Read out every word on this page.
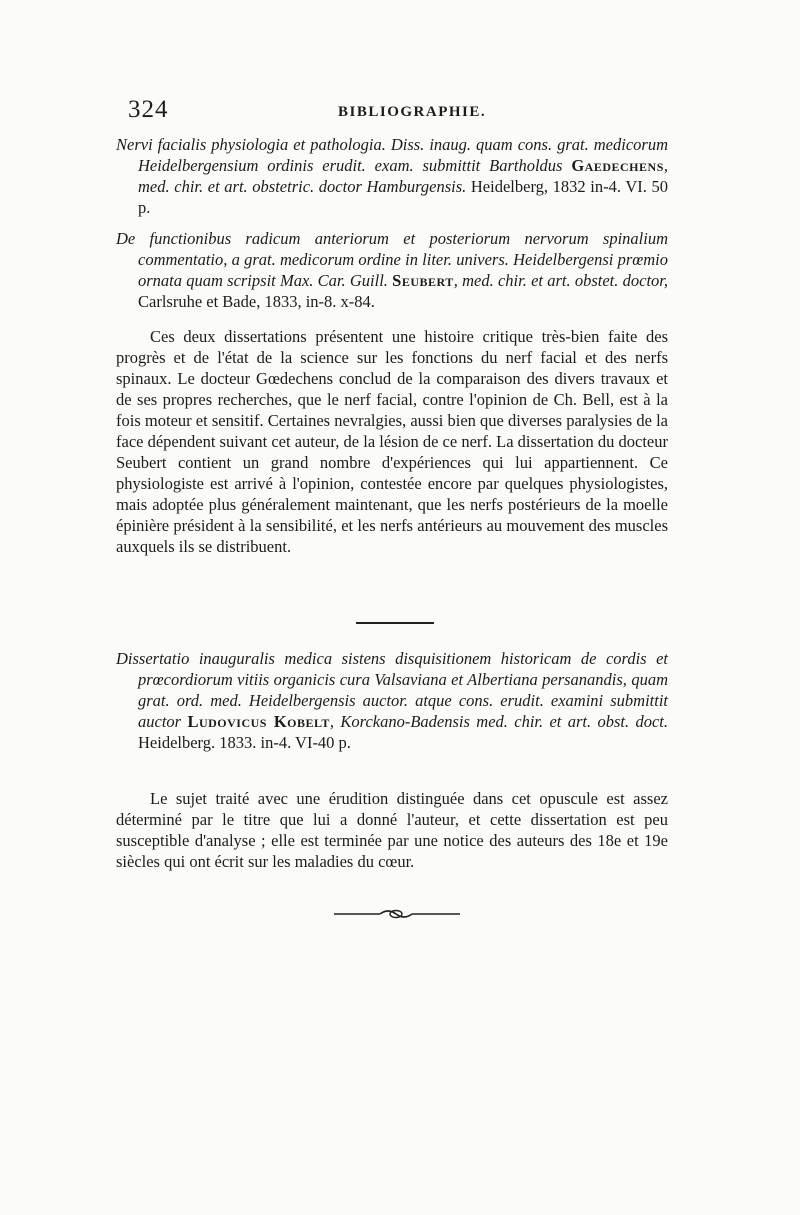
324	BIBLIOGRAPHIE.

Nervi facialis physiologia et pathologia. Diss. inaug. quam cons. grat. medicorum Heidelbergensium ordinis erudit. exam. submittit Bartholdus Gaedechens, med. chir. et art. obstetric. doctor Hamburgensis. Heidelberg, 1832 in-4. VI. 50 p.

De functionibus radicum anteriorum et posteriorum nervorum spinalium commentatio, a grat. medicorum ordine in liter. univers. Heidelbergensi prœmio ornata quam scripsit Max. Car. Guill. Seubert, med. chir. et art. obstet. doctor, Carlsruhe et Bade, 1833, in-8. x-84.

Ces deux dissertations présentent une histoire critique très-bien faite des progrès et de l'état de la science sur les fonctions du nerf facial et des nerfs spinaux. Le docteur Gœdechens conclud de la comparaison des divers travaux et de ses propres recherches, que le nerf facial, contre l'opinion de Ch. Bell, est à la fois moteur et sensitif. Certaines nevralgies, aussi bien que diverses paralysies de la face dépendent suivant cet auteur, de la lésion de ce nerf. La dissertation du docteur Seubert contient un grand nombre d'expériences qui lui appartiennent. Ce physiologiste est arrivé à l'opinion, contestée encore par quelques physiologistes, mais adoptée plus généralement maintenant, que les nerfs postérieurs de la moelle épinière président à la sensibilité, et les nerfs antérieurs au mouvement des muscles auxquels ils se distribuent.

Dissertatio inauguralis medica sistens disquisitionem historicam de cordis et prœcordiorum vitiis organicis cura Valsaviana et Albertiana persanandis, quam grat. ord. med. Heidelbergensis auctor. atque cons. erudit. examini submittit auctor Ludovicus Kobelt, Korckano-Badensis med. chir. et art. obst. doct. Heidelberg. 1833. in-4. VI-40 p.

Le sujet traité avec une érudition distinguée dans cet opuscule est assez déterminé par le titre que lui a donné l'auteur, et cette dissertation est peu susceptible d'analyse ; elle est terminée par une notice des auteurs des 18e et 19e siècles qui ont écrit sur les maladies du cœur.
